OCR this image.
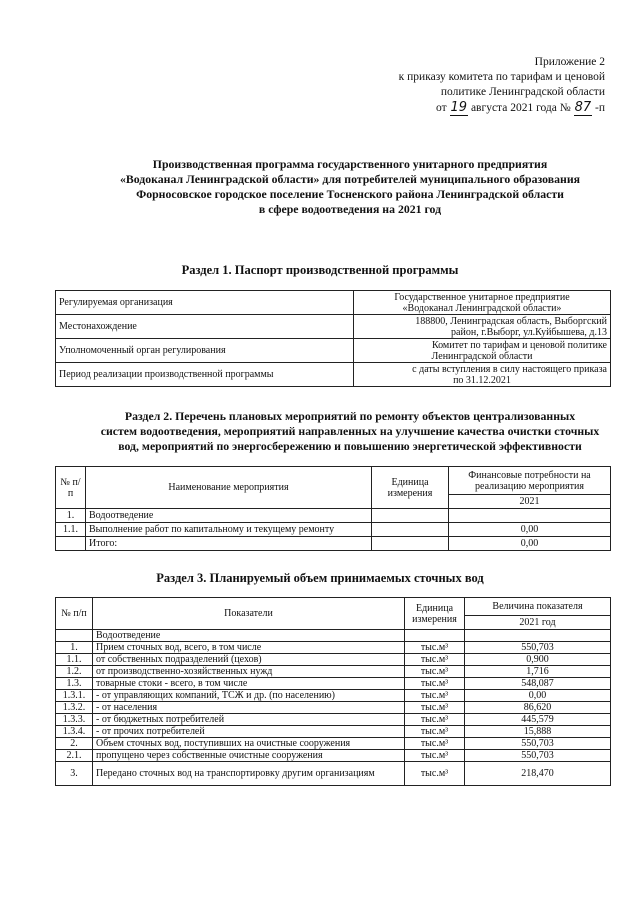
Приложение 2
к приказу комитета по тарифам и ценовой
политике Ленинградской области
от 19 августа 2021 года № 87 -п
Производственная программа государственного унитарного предприятия
«Водоканал Ленинградской области» для потребителей муниципального образования
Форносовское городское поселение Тосненского района Ленинградской области
в сфере водоотведения на 2021 год
Раздел 1. Паспорт производственной программы
Регулируемая организация	Государственное унитарное предприятие
«Водоканал Ленинградской области»

Местонахождение	188800, Ленинградская область, Выборгский
район, г.Выборг, ул.Куйбышева, д.13

Уполномоченный орган регулирования	Комитет по тарифам и ценовой политике
Ленинградской области

Период реализации производственной программы	с даты вступления в силу настоящего приказа
по 31.12.2021
Раздел 2. Перечень плановых мероприятий по ремонту объектов централизованных
систем водоотведения, мероприятий направленных на улучшение качества очистки сточных
вод, мероприятий по энергосбережению и повышению энергетической эффективности
№ п/п	Наименование мероприятия	Единица измерения	Финансовые потребности на реализацию мероприятия
			2021
1.	Водоотведение		
1.1.	Выполнение работ по капитальному и текущему ремонту		0,00
	Итого:		0,00
Раздел 3. Планируемый объем принимаемых сточных вод
№ п/п	Показатели	Единица измерения	Величина показателя
			2021 год
	Водоотведение		
1.	Прием сточных вод, всего, в том числе	тыс.м³	550,703
1.1.	от собственных подразделений (цехов)	тыс.м³	0,900
1.2.	от производственно-хозяйственных нужд	тыс.м³	1,716
1.3.	товарные стоки - всего, в том числе	тыс.м³	548,087
1.3.1.	- от управляющих компаний, ТСЖ и др. (по населению)	тыс.м³	0,00
1.3.2.	- от населения	тыс.м³	86,620
1.3.3.	- от бюджетных потребителей	тыс.м³	445,579
1.3.4.	- от прочих потребителей	тыс.м³	15,888
2.	Объем сточных вод, поступивших на очистные сооружения	тыс.м³	550,703
2.1.	пропущено через собственные очистные сооружения	тыс.м³	550,703
3.	Передано сточных вод на транспортировку другим организациям	тыс.м³	218,470
